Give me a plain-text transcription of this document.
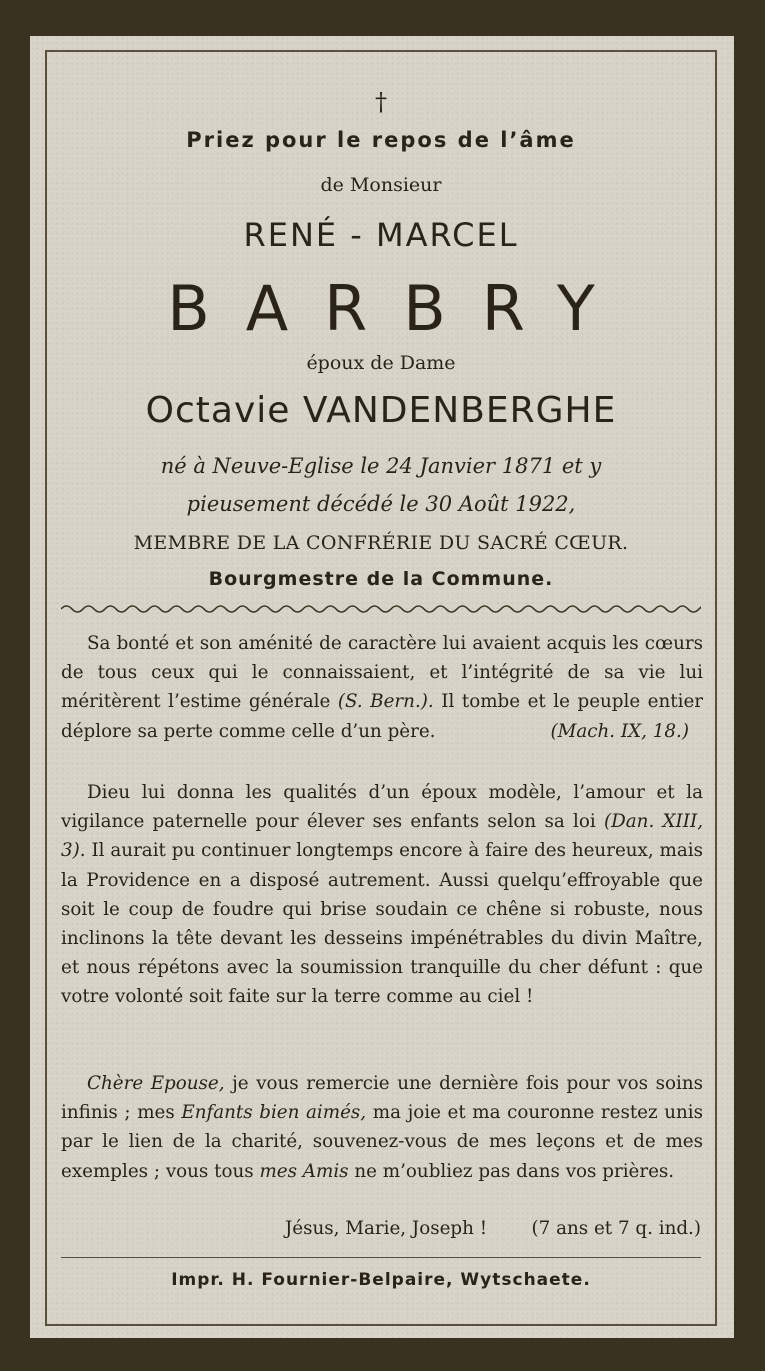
†
Priez pour le repos de l’âme
de Monsieur
RENÉ - MARCEL
BARBRY
époux de Dame
Octavie VANDENBERGHE
né à Neuve-Eglise le 24 Janvier 1871 et y
pieusement décédé le 30 Août 1922,
MEMBRE DE LA CONFRÉRIE DU SACRÉ CŒUR.
Bourgmestre de la Commune.
Sa bonté et son aménité de caractère lui avaient acquis les cœurs de tous ceux qui le connaissaient, et l’intégrité de sa vie lui méritèrent l’estime générale (S. Bern.). Il tombe et le peuple entier déplore sa perte comme celle d’un père.	(Mach. IX, 18.)
Dieu lui donna les qualités d’un époux modèle, l’amour et la vigilance paternelle pour élever ses enfants selon sa loi (Dan. XIII, 3). Il aurait pu continuer longtemps encore à faire des heureux, mais la Providence en a disposé autrement. Aussi quelqu’effroyable que soit le coup de foudre qui brise soudain ce chêne si robuste, nous inclinons la tête devant les desseins impénétrables du divin Maître, et nous répétons avec la soumission tranquille du cher défunt : que votre volonté soit faite sur la terre comme au ciel !
Chère Epouse, je vous remercie une dernière fois pour vos soins infinis ; mes Enfants bien aimés, ma joie et ma couronne restez unis par le lien de la charité, souvenez-vous de mes leçons et de mes exemples ; vous tous mes Amis ne m’oubliez pas dans vos prières.
Jésus, Marie, Joseph ! (7 ans et 7 q. ind.)
Impr. H. Fournier-Belpaire, Wytschaete.
